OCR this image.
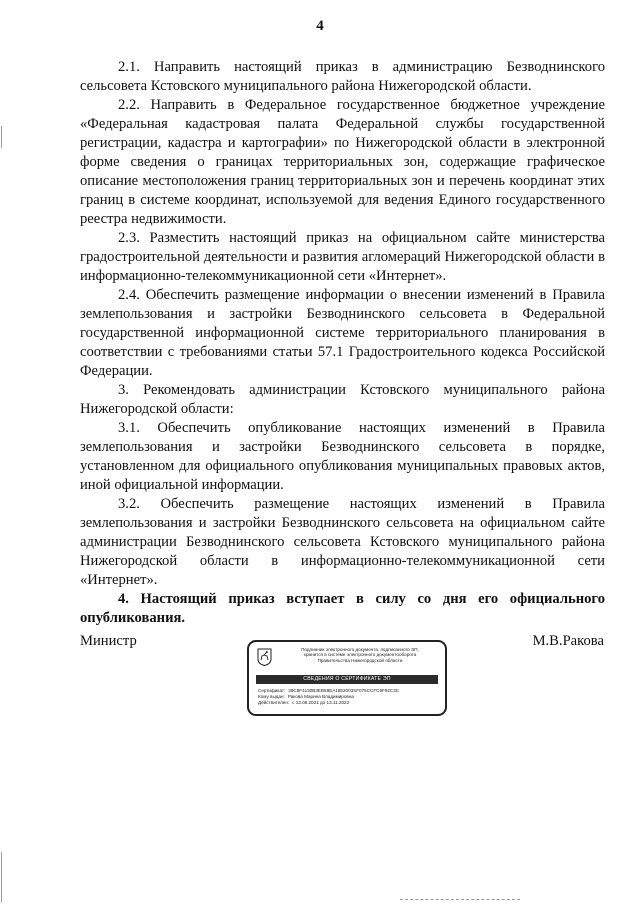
4

2.1. Направить настоящий приказ в администрацию Безводнинского сельсовета Кстовского муниципального района Нижегородской области.

2.2. Направить в Федеральное государственное бюджетное учреждение «Федеральная кадастровая палата Федеральной службы государственной регистрации, кадастра и картографии» по Нижегородской области в электронной форме сведения о границах территориальных зон, содержащие графическое описание местоположения границ территориальных зон и перечень координат этих границ в системе координат, используемой для ведения Единого государственного реестра недвижимости.

2.3. Разместить настоящий приказ на официальном сайте министерства градостроительной деятельности и развития агломераций Нижегородской области в информационно-телекоммуникационной сети «Интернет».

2.4. Обеспечить размещение информации о внесении изменений в Правила землепользования и застройки Безводнинского сельсовета в Федеральной государственной информационной системе территориального планирования в соответствии с требованиями статьи 57.1 Градостроительного кодекса Российской Федерации.

3. Рекомендовать администрации Кстовского муниципального района Нижегородской области:

3.1. Обеспечить опубликование настоящих изменений в Правила землепользования и застройки Безводнинского сельсовета в порядке, установленном для официального опубликования муниципальных правовых актов, иной официальной информации.

3.2. Обеспечить размещение настоящих изменений в Правила землепользования и застройки Безводнинского сельсовета на официальном сайте администрации Безводнинского сельсовета Кстовского муниципального района Нижегородской области в информационно-телекоммуникационной сети «Интернет».

4. Настоящий приказ вступает в силу со дня его официального опубликования.

Министр	М.В.Ракова
Подлинник электронного документа, подписанного ЭП,
хранится в системе электронного документооборота
Правительства Нижегородской области
СВЕДЕНИЯ О СЕРТИФИКАТЕ ЭП
Сертификат: 39C8F4130B3EB59EA1852003SF075CCFC9F92C3C
Кому выдан: Ракова Марина Владимировна
Действителен: с 13.08.2021 до 13.11.2022
